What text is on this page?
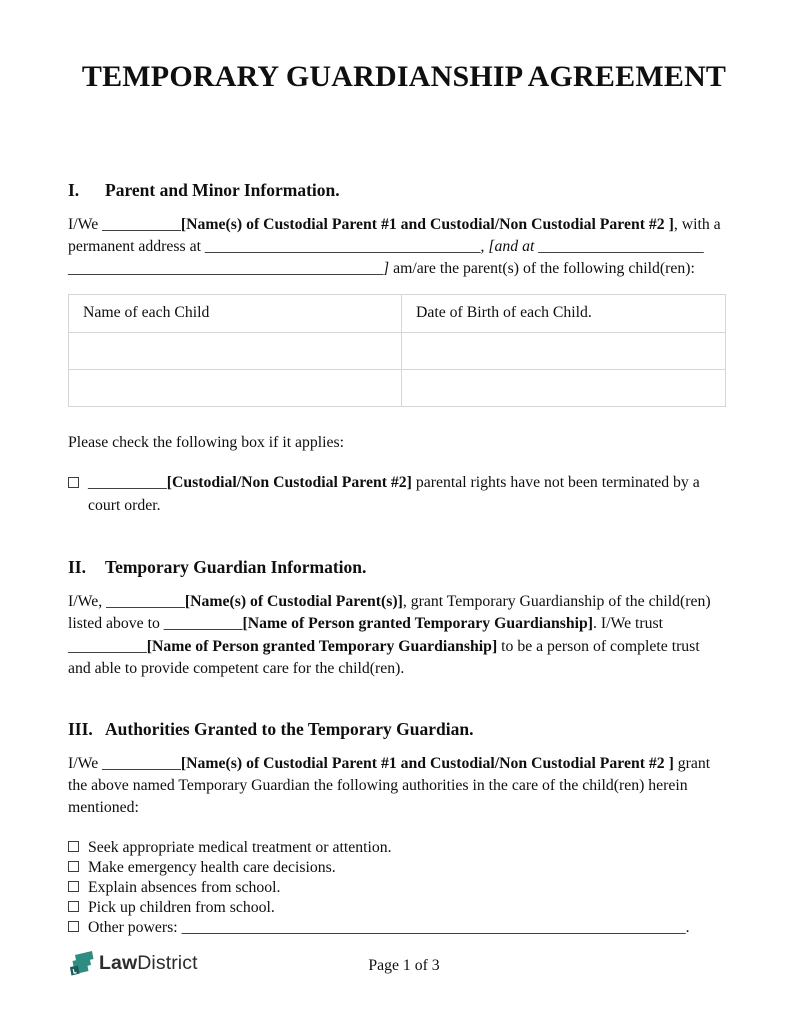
TEMPORARY GUARDIANSHIP AGREEMENT
I. Parent and Minor Information.

I/We __________[Name(s) of Custodial Parent #1 and Custodial/Non Custodial Parent #2 ], with a
permanent address at ___________________________________, [and at _____________________
________________________________________] am/are the parent(s) of the following child(ren):

Name of each Child	Date of Birth of each Child.

Please check the following box if it applies:

__________[Custodial/Non Custodial Parent #2] parental rights have not been terminated by a
court order.
II. Temporary Guardian Information.

I/We, __________[Name(s) of Custodial Parent(s)], grant Temporary Guardianship of the child(ren)
listed above to __________[Name of Person granted Temporary Guardianship]. I/We trust
__________[Name of Person granted Temporary Guardianship] to be a person of complete trust
and able to provide competent care for the child(ren).

III. Authorities Granted to the Temporary Guardian.

I/We __________[Name(s) of Custodial Parent #1 and Custodial/Non Custodial Parent #2 ] grant
the above named Temporary Guardian the following authorities in the care of the child(ren) herein
mentioned:

Seek appropriate medical treatment or attention.
Make emergency health care decisions.
Explain absences from school.
Pick up children from school.
Other powers: ________________________________________________________________.
Law District	Page 1 of 3
